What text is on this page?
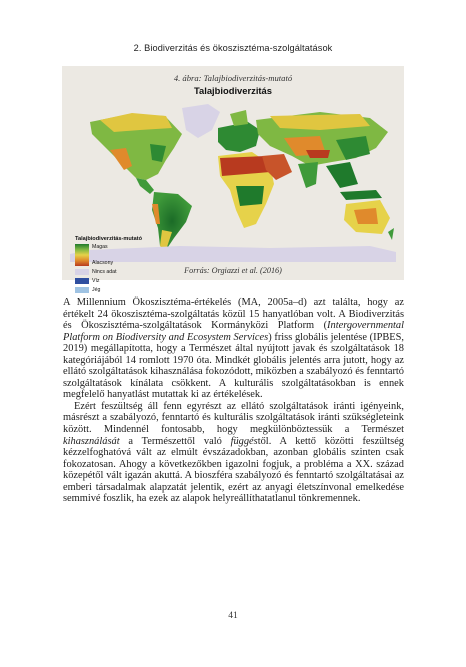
2. Biodiverzitás és ökoszisztéma-szolgáltatások
4. ábra: Talajbiodiverzitás-mutató
Talajbiodiverzitás
Talajbiodiverzitás-mutató
Magas
Alacsony
Nincs adat
Víz
Jég
Forrás: Orgiazzi et al. (2016)

A Millennium Ökoszisztéma-értékelés (MA, 2005a–d) azt találta, hogy az értékelt 24 ökoszisztéma-szolgáltatás közül 15 hanyatlóban volt. A Biodiverzitás és Ökoszisztéma-szolgáltatások Kormányközi Platform (Intergovernmental Platform on Biodiversity and Ecosystem Services) friss globális jelentése (IPBES, 2019) megállapította, hogy a Természet által nyújtott javak és szolgáltatások 18 kategóriájából 14 romlott 1970 óta. Mindkét globális jelentés arra jutott, hogy az ellátó szolgáltatások kihasználása fokozódott, miközben a szabályozó és fenntartó szolgáltatások kínálata csökkent. A kulturális szolgáltatásokban is ennek megfelelő hanyatlást mutattak ki az értékelések.

Ezért feszültség áll fenn egyrészt az ellátó szolgáltatások iránti igényeink, másrészt a szabályozó, fenntartó és kulturális szolgáltatások iránti szükségleteink között. Mindennél fontosabb, hogy megkülönböztessük a Természet kihasználását a Természettől való függéstől. A kettő közötti feszültség kézzelfoghatóvá vált az elmúlt évszázadokban, azonban globális szinten csak fokozatosan. Ahogy a következőkben igazolni fogjuk, a probléma a XX. század közepétől vált igazán akuttá. A bioszféra szabályozó és fenntartó szolgáltatásai az emberi társadalmak alapzatát jelentik, ezért az anyagi életszínvonal emelkedése semmivé foszlik, ha ezek az alapok helyreállíthatatlanul tönkremennek.

41
